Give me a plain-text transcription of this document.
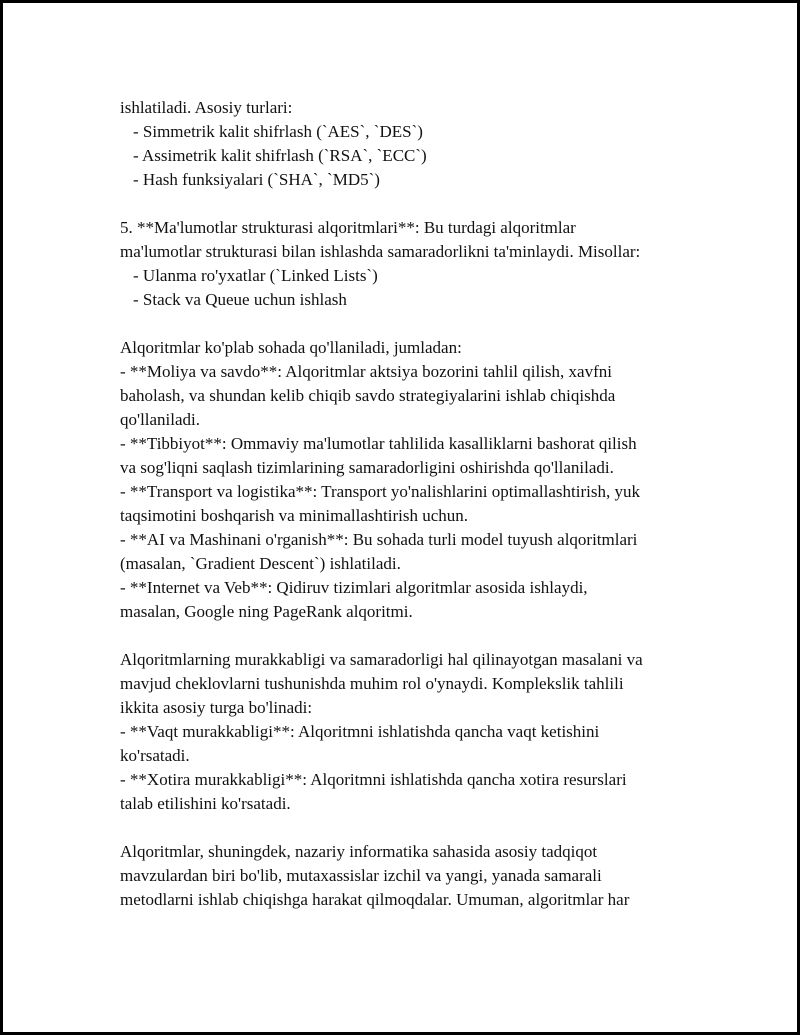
ishlatiladi. Asosiy turlari:
- Simmetrik kalit shifrlash (`AES`, `DES`)
- Assimetrik kalit shifrlash (`RSA`, `ECC`)
- Hash funksiyalari (`SHA`, `MD5`)
5. **Ma'lumotlar strukturasi alqoritmlari**: Bu turdagi alqoritmlar
ma'lumotlar strukturasi bilan ishlashda samaradorlikni ta'minlaydi. Misollar:
- Ulanma ro'yxatlar (`Linked Lists`)
- Stack va Queue uchun ishlash
Alqoritmlar ko'plab sohada qo'llaniladi, jumladan:
- **Moliya va savdo**: Alqoritmlar aktsiya bozorini tahlil qilish, xavfni
baholash, va shundan kelib chiqib savdo strategiyalarini ishlab chiqishda
qo'llaniladi.
- **Tibbiyot**: Ommaviy ma'lumotlar tahlilida kasalliklarni bashorat qilish
va sog'liqni saqlash tizimlarining samaradorligini oshirishda qo'llaniladi.
- **Transport va logistika**: Transport yo'nalishlarini optimallashtirish, yuk
taqsimotini boshqarish va minimallashtirish uchun.
- **AI va Mashinani o'rganish**: Bu sohada turli model tuyush alqoritmlari
(masalan, `Gradient Descent`) ishlatiladi.
- **Internet va Veb**: Qidiruv tizimlari algoritmlar asosida ishlaydi,
masalan, Google ning PageRank alqoritmi.
Alqoritmlarning murakkabligi va samaradorligi hal qilinayotgan masalani va
mavjud cheklovlarni tushunishda muhim rol o'ynaydi. Komplekslik tahlili
ikkita asosiy turga bo'linadi:
- **Vaqt murakkabligi**: Alqoritmni ishlatishda qancha vaqt ketishini
ko'rsatadi.
- **Xotira murakkabligi**: Alqoritmni ishlatishda qancha xotira resurslari
talab etilishini ko'rsatadi.
Alqoritmlar, shuningdek, nazariy informatika sahasida asosiy tadqiqot
mavzulardan biri bo'lib, mutaxassislar izchil va yangi, yanada samarali
metodlarni ishlab chiqishga harakat qilmoqdalar. Umuman, algoritmlar har
